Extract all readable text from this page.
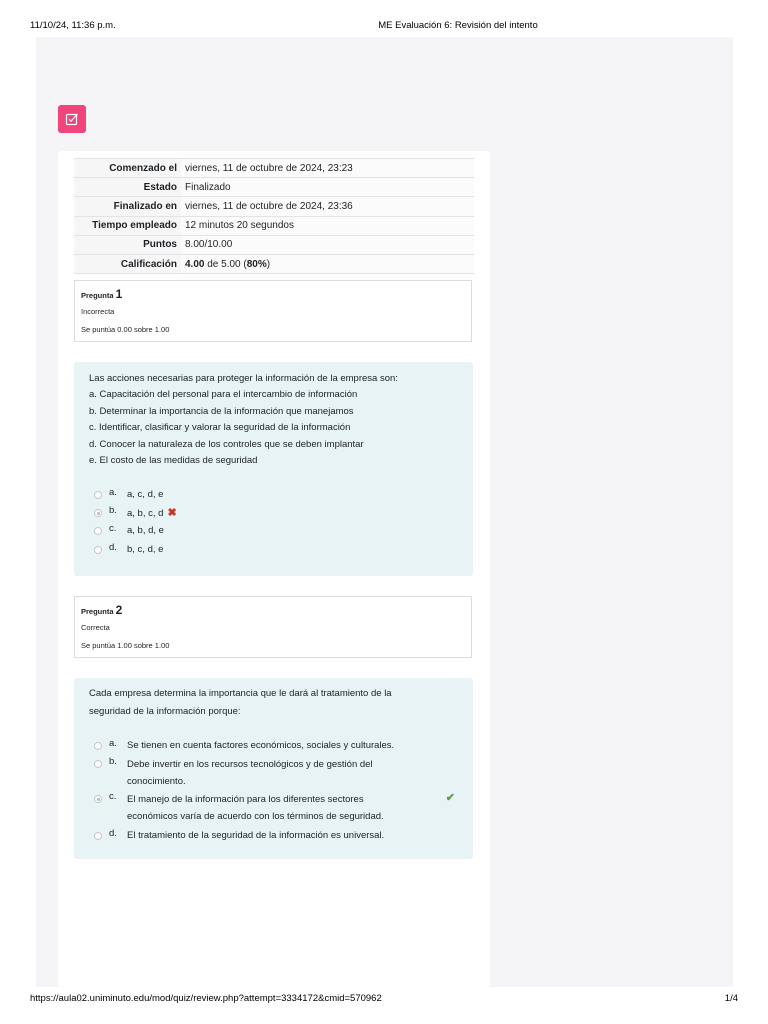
11/10/24, 11:36 p.m.	ME Evaluación 6: Revisión del intento
Comenzado el	viernes, 11 de octubre de 2024, 23:23
Estado	Finalizado
Finalizado en	viernes, 11 de octubre de 2024, 23:36
Tiempo empleado	12 minutos 20 segundos
Puntos	8.00/10.00
Calificación	4.00 de 5.00 (80%)
Pregunta 1
Incorrecta
Se puntúa 0.00 sobre 1.00
Las acciones necesarias para proteger la información de la empresa son:
a. Capacitación del personal para el intercambio de información
b. Determinar la importancia de la información que manejamos
c. Identificar, clasificar y valorar la seguridad de la información
d. Conocer la naturaleza de los controles que se deben implantar
e. El costo de las medidas de seguridad
a. a, c, d, e
b. a, b, c, d ✖
c. a, b, d, e
d. b, c, d, e
Pregunta 2
Correcta
Se puntúa 1.00 sobre 1.00
Cada empresa determina la importancia que le dará al tratamiento de la
seguridad de la información porque:
a. Se tienen en cuenta factores económicos, sociales y culturales.
b. Debe invertir en los recursos tecnológicos y de gestión del conocimiento.
c. El manejo de la información para los diferentes sectores económicos varía de acuerdo con los términos de seguridad.
✔
d. El tratamiento de la seguridad de la información es universal.
https://aula02.uniminuto.edu/mod/quiz/review.php?attempt=3334172&cmid=570962	1/4
